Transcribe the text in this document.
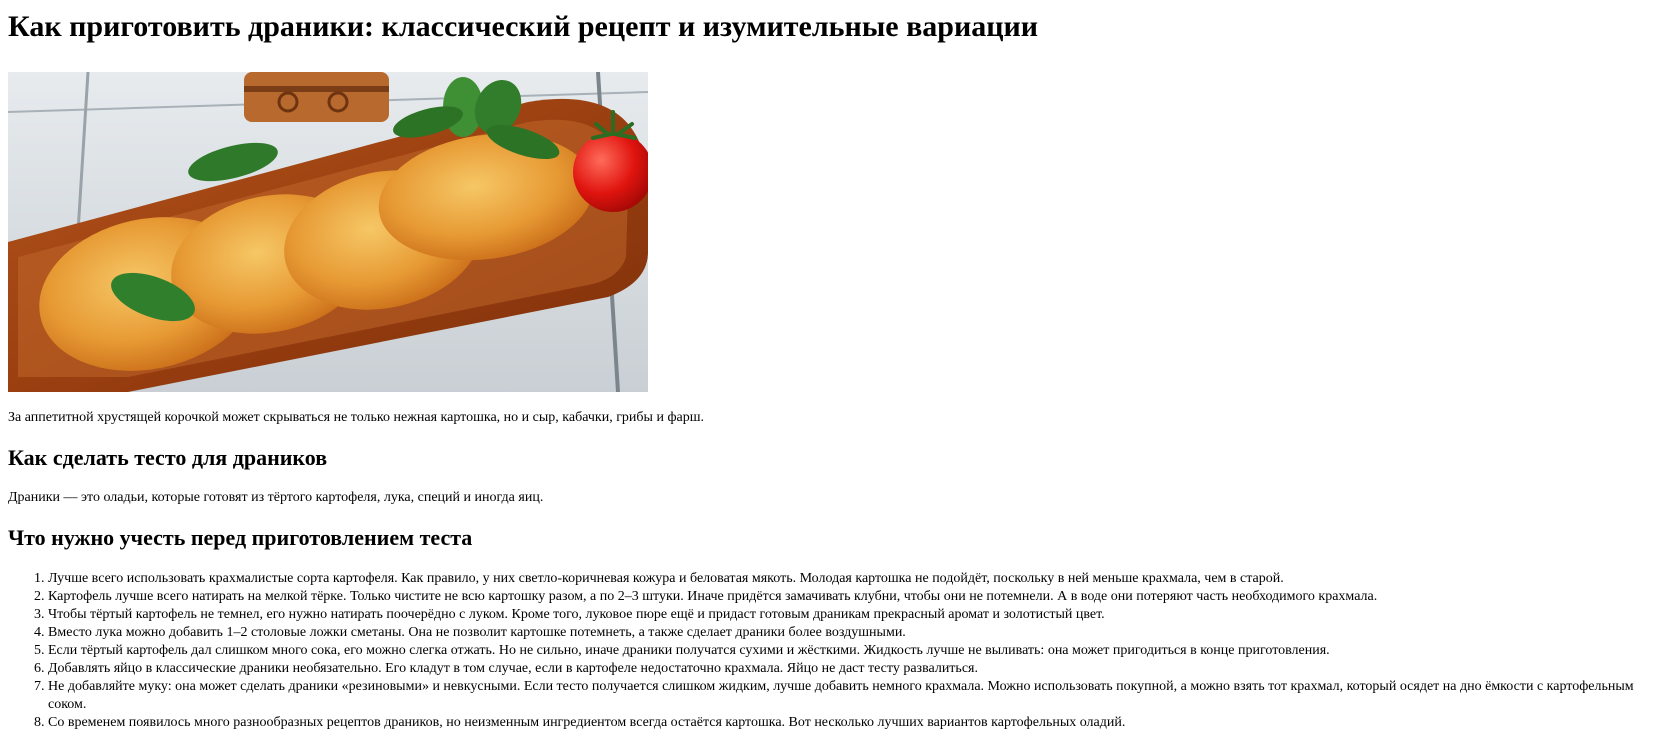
Как приготовить драники: классический рецепт и изумительные вариации

За аппетитной хрустящей корочкой может скрываться не только нежная картошка, но и сыр, кабачки, грибы и фарш.

Как сделать тесто для драников

Драники — это оладьи, которые готовят из тёртого картофеля, лука, специй и иногда яиц.

Что нужно учесть перед приготовлением теста
1. Лучше всего использовать крахмалистые сорта картофеля. Как правило, у них светло-коричневая кожура и беловатая мякоть. Молодая картошка не подойдёт, поскольку в ней меньше крахмала, чем в старой.
2. Картофель лучше всего натирать на мелкой тёрке. Только чистите не всю картошку разом, а по 2–3 штуки. Иначе придётся замачивать клубни, чтобы они не потемнели. А в воде они потеряют часть необходимого крахмала.
3. Чтобы тёртый картофель не темнел, его нужно натирать поочерёдно с луком. Кроме того, луковое пюре ещё и придаст готовым драникам прекрасный аромат и золотистый цвет.
4. Вместо лука можно добавить 1–2 столовые ложки сметаны. Она не позволит картошке потемнеть, а также сделает драники более воздушными.
5. Если тёртый картофель дал слишком много сока, его можно слегка отжать. Но не сильно, иначе драники получатся сухими и жёсткими. Жидкость лучше не выливать: она может пригодиться в конце приготовления.
6. Добавлять яйцо в классические драники необязательно. Его кладут в том случае, если в картофеле недостаточно крахмала. Яйцо не даст тесту развалиться.
7. Не добавляйте муку: она может сделать драники «резиновыми» и невкусными. Если тесто получается слишком жидким, лучше добавить немного крахмала. Можно использовать покупной, а можно взять тот крахмал, который осядет на дно ёмкости с картофельным соком.
8. Со временем появилось много разнообразных рецептов драников, но неизменным ингредиентом всегда остаётся картошка. Вот несколько лучших вариантов картофельных оладий.
